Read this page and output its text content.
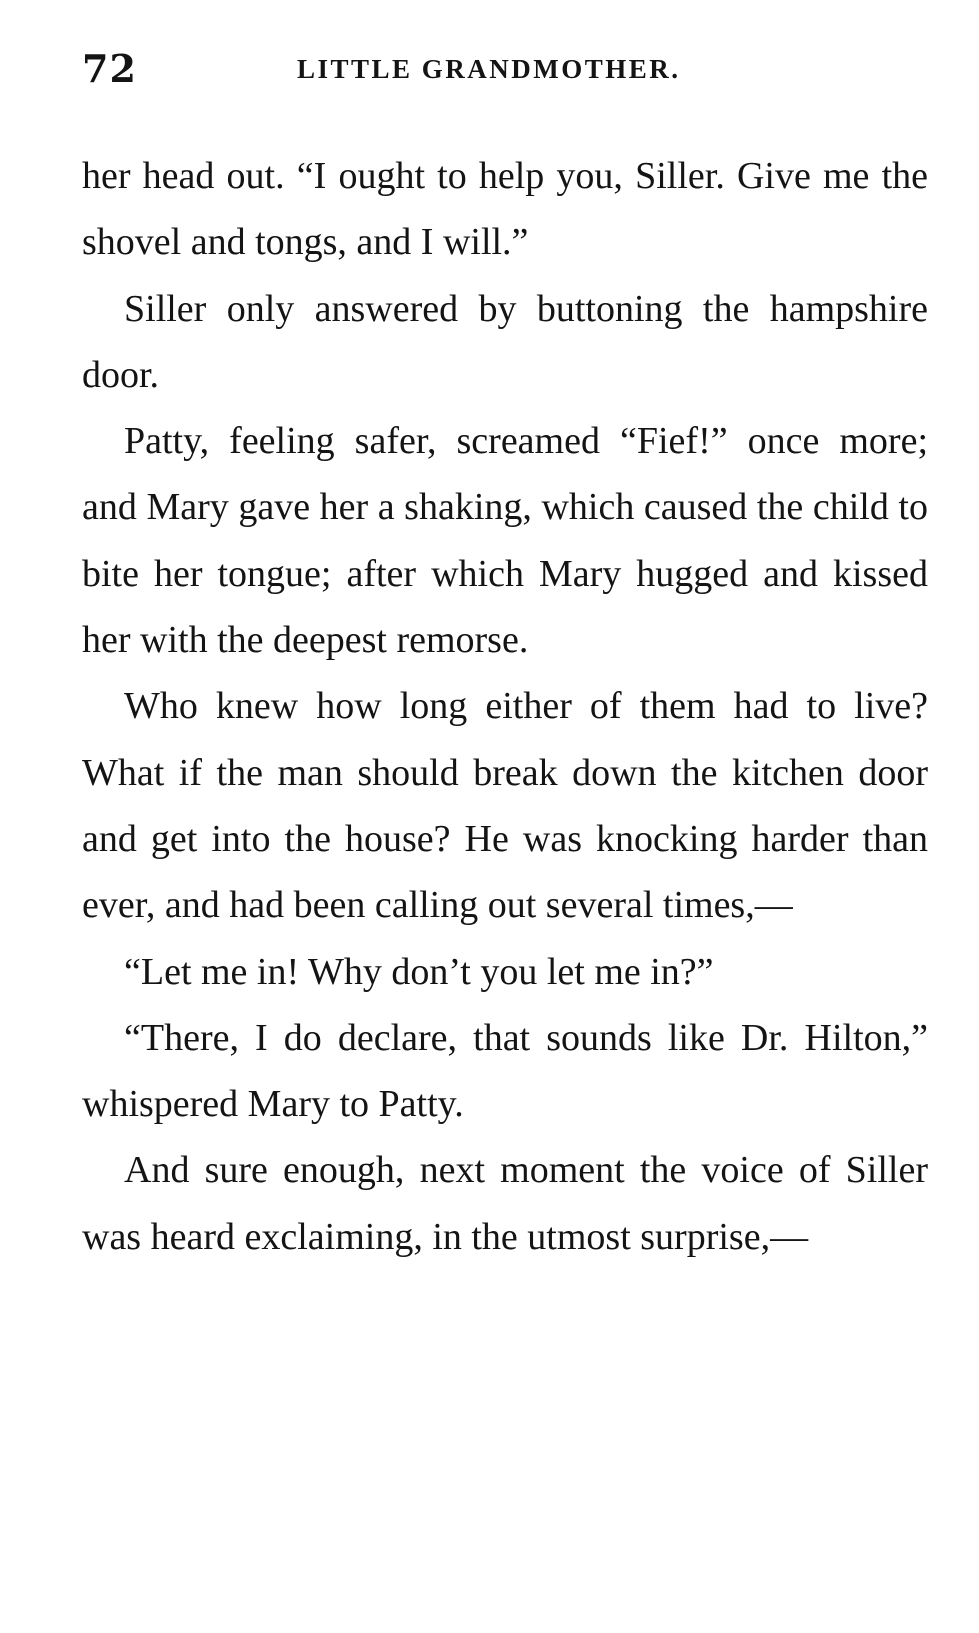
72	LITTLE GRANDMOTHER.

her head out. “I ought to help you, Siller. Give me the shovel and tongs, and I will.”

Siller only answered by buttoning the hampshire door.

Patty, feeling safer, screamed “Fief!” once more; and Mary gave her a shaking, which caused the child to bite her tongue; after which Mary hugged and kissed her with the deepest remorse.

Who knew how long either of them had to live? What if the man should break down the kitchen door and get into the house? He was knocking harder than ever, and had been calling out several times,—

“Let me in! Why don’t you let me in?”

“There, I do declare, that sounds like Dr. Hilton,” whispered Mary to Patty.

And sure enough, next moment the voice of Siller was heard exclaiming, in the utmost surprise,—
